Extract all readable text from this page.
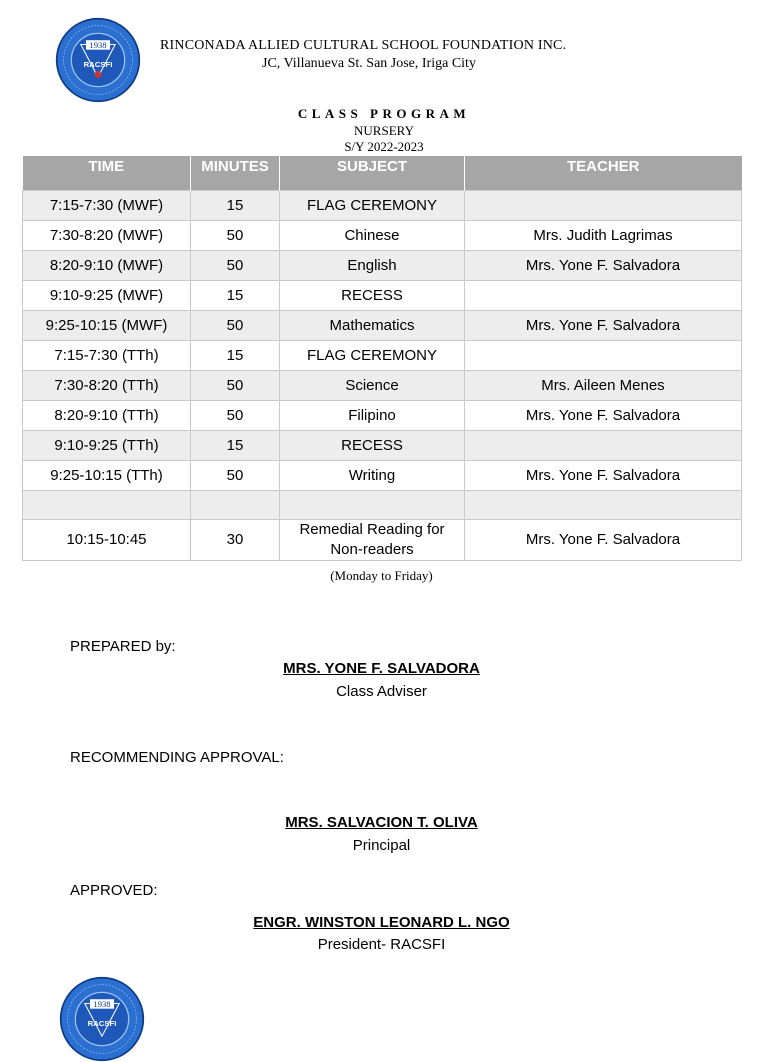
1938
RACSFI
RINCONADA ALLIED CULTURAL SCHOOL FOUNDATION INC.
JC, Villanueva St. San Jose, Iriga City
CLASS PROGRAM
NURSERY
S/Y 2022-2023
TIME	MINUTES	SUBJECT	TEACHER
7:15-7:30 (MWF)	15	FLAG CEREMONY	
7:30-8:20 (MWF)	50	Chinese	Mrs. Judith Lagrimas
8:20-9:10 (MWF)	50	English	Mrs. Yone F. Salvadora
9:10-9:25 (MWF)	15	RECESS	
9:25-10:15 (MWF)	50	Mathematics	Mrs. Yone F. Salvadora
7:15-7:30 (TTh)	15	FLAG CEREMONY	
7:30-8:20 (TTh)	50	Science	Mrs. Aileen Menes
8:20-9:10 (TTh)	50	Filipino	Mrs. Yone F. Salvadora
9:10-9:25 (TTh)	15	RECESS	
9:25-10:15 (TTh)	50	Writing	Mrs. Yone F. Salvadora

10:15-10:45	30	Remedial Reading for Non-readers	Mrs. Yone F. Salvadora
(Monday to Friday)
PREPARED by:
MRS. YONE F. SALVADORA
Class Adviser
RECOMMENDING APPROVAL:
MRS. SALVACION T. OLIVA
Principal
APPROVED:
ENGR. WINSTON LEONARD L. NGO
President- RACSFI
1938
RACSFI
